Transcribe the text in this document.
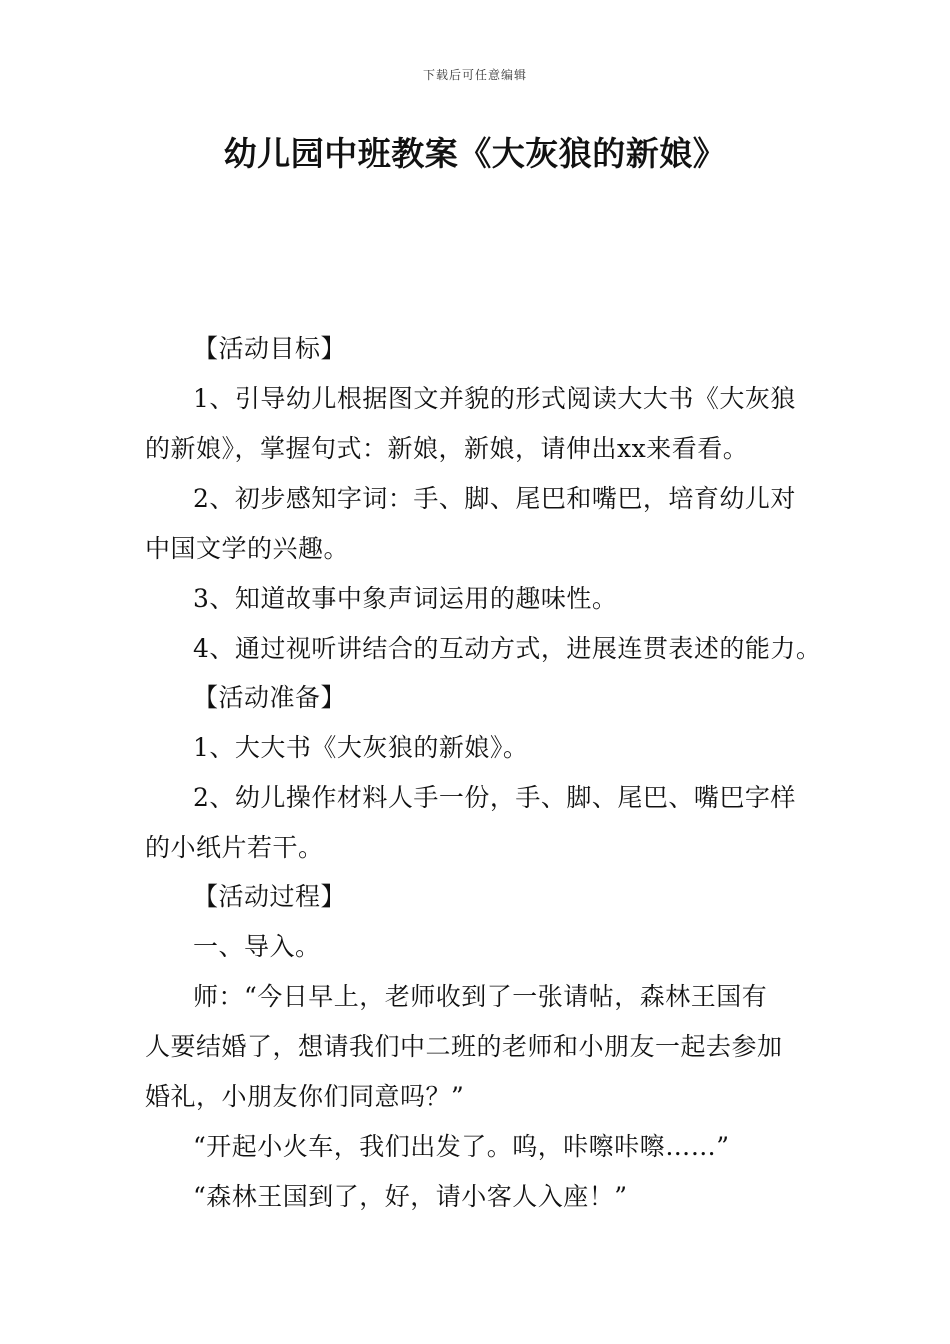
下载后可任意编辑
幼儿园中班教案《大灰狼的新娘》
【活动目标】
1、引导幼儿根据图文并貌的形式阅读大大书《大灰狼
的新娘》，掌握句式：新娘，新娘，请伸出xx来看看。
2、初步感知字词：手、脚、尾巴和嘴巴，培育幼儿对
中国文学的兴趣。
3、知道故事中象声词运用的趣味性。
4、通过视听讲结合的互动方式，进展连贯表述的能力。
【活动准备】
1、大大书《大灰狼的新娘》。
2、幼儿操作材料人手一份，手、脚、尾巴、嘴巴字样
的小纸片若干。
【活动过程】
一、导入。
师：“今日早上，老师收到了一张请帖，森林王国有
人要结婚了，想请我们中二班的老师和小朋友一起去参加
婚礼，小朋友你们同意吗？”
“开起小火车，我们出发了。呜，咔嚓咔嚓……”
“森林王国到了，好，请小客人入座！”
